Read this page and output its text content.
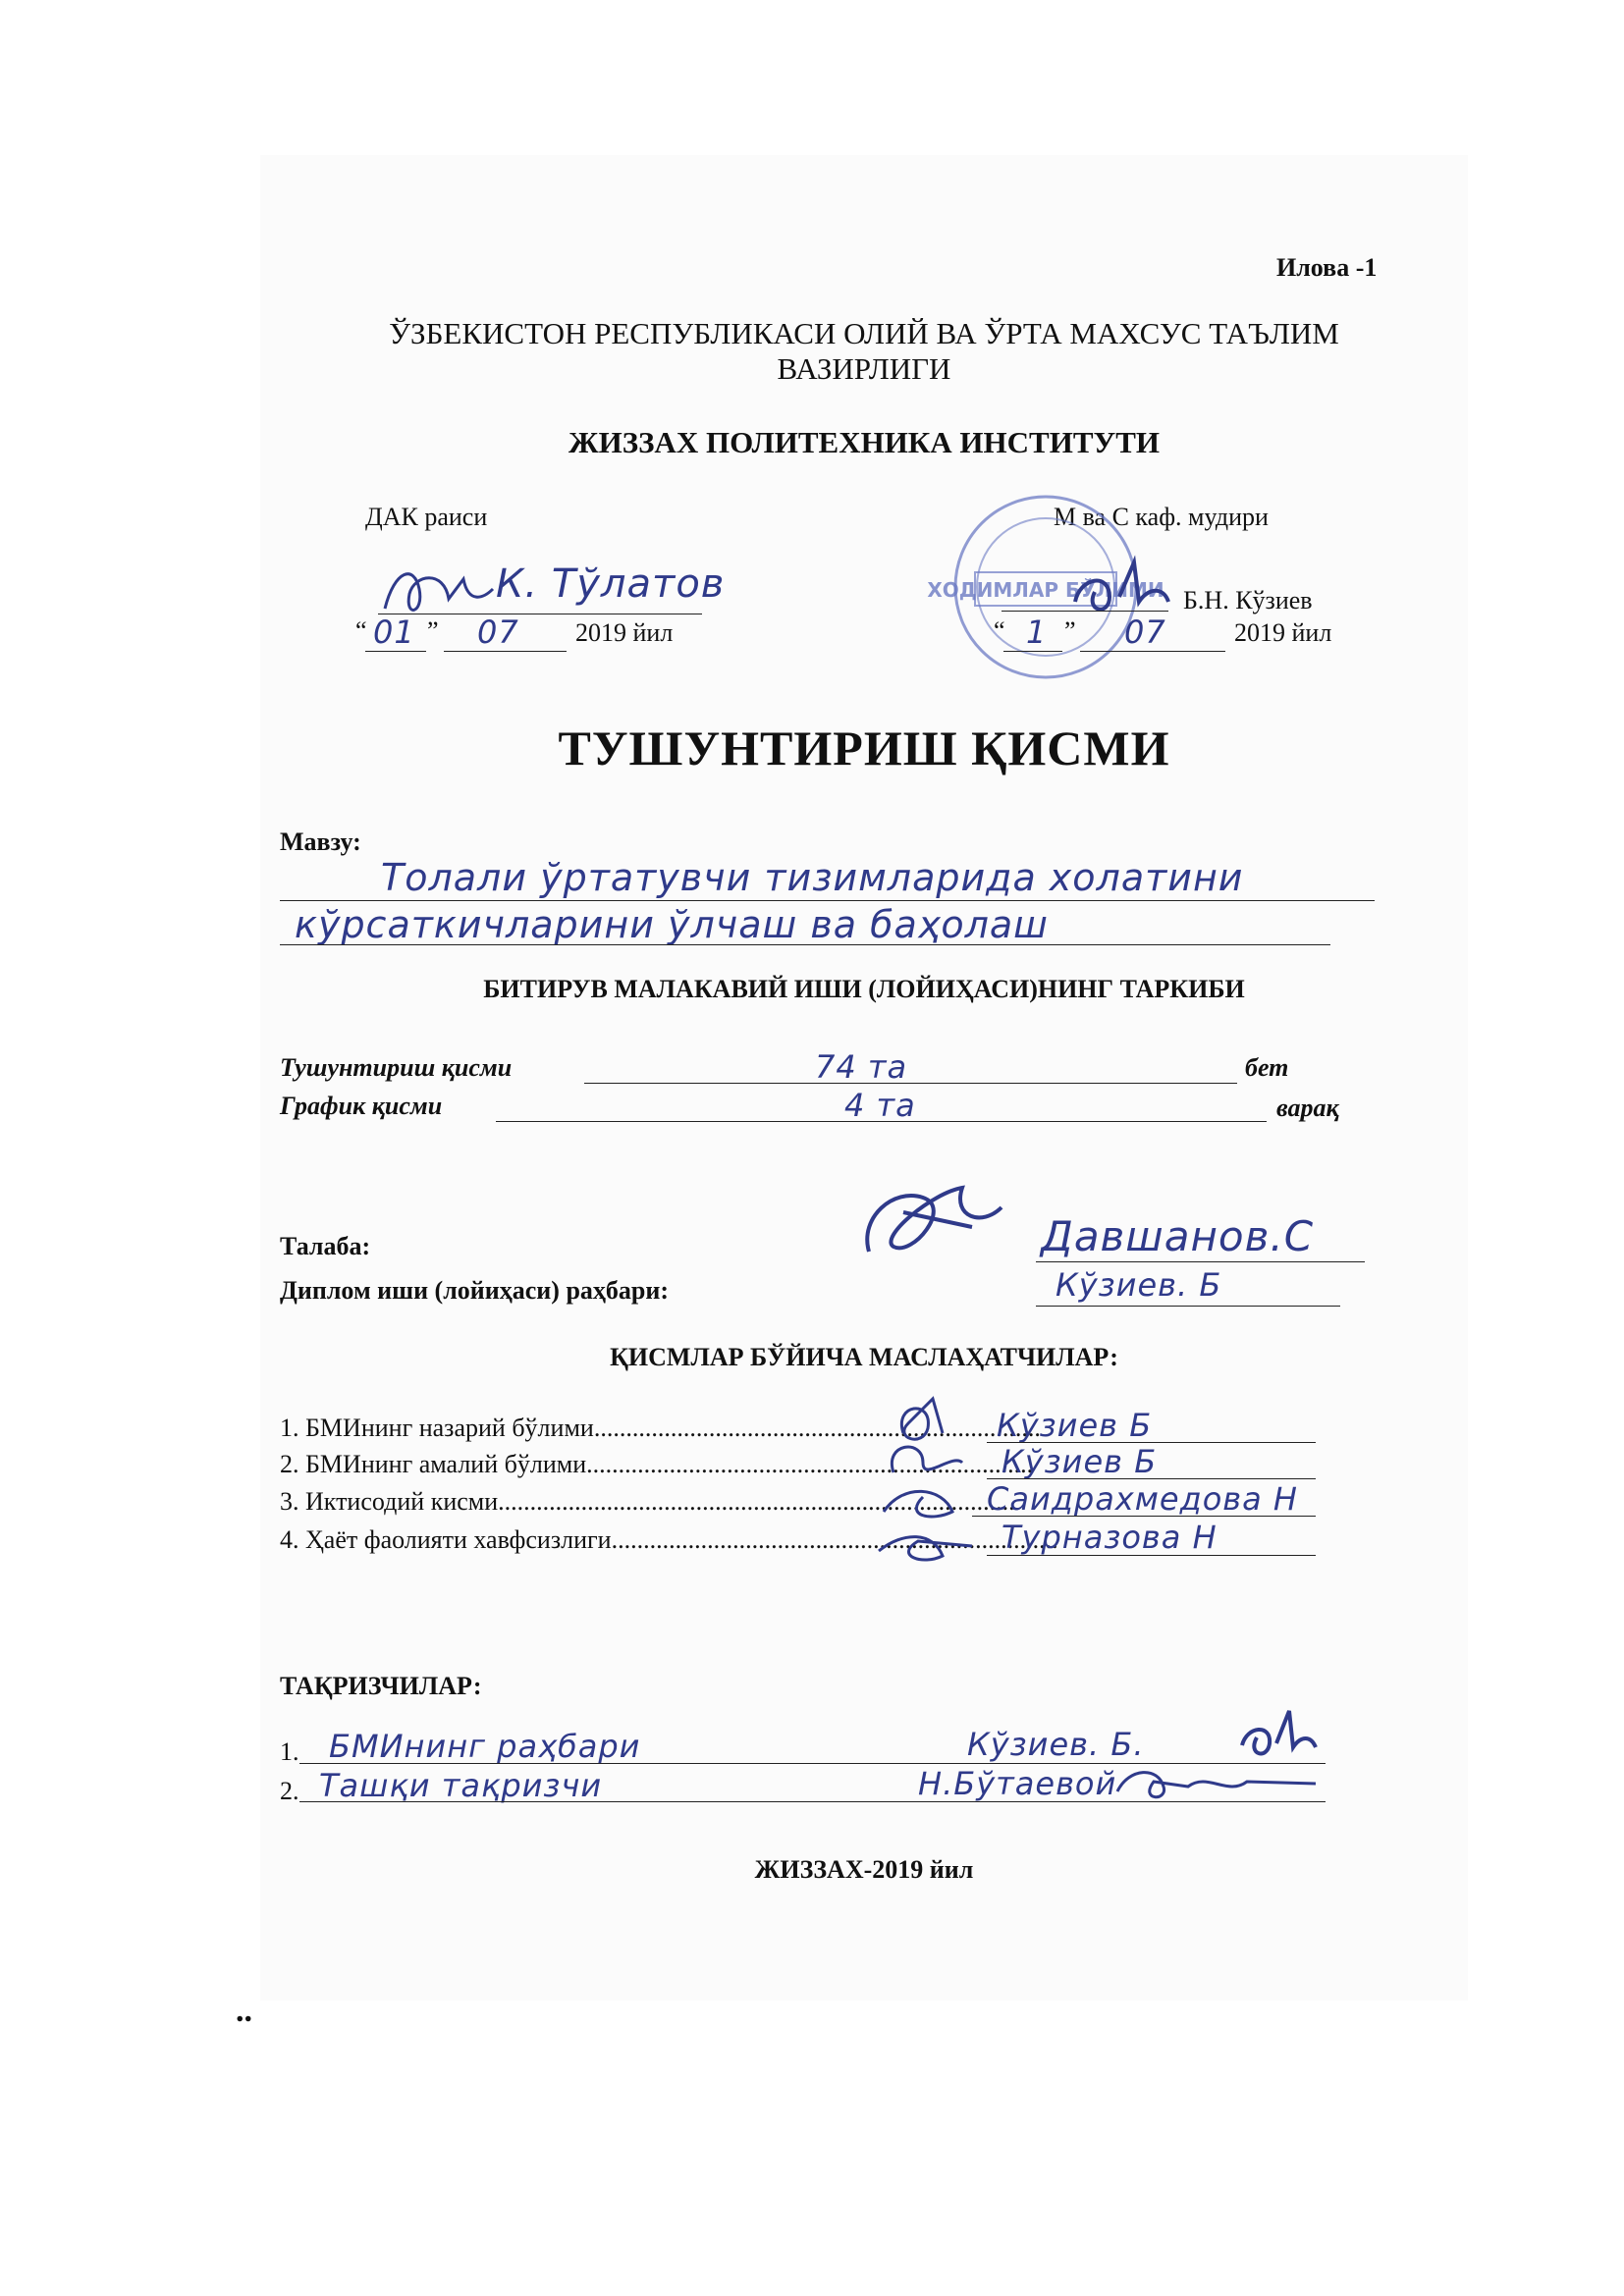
Илова -1
ЎЗБЕКИСТОН РЕСПУБЛИКАСИ ОЛИЙ ВА ЎРТА МАХСУС ТАЪЛИМ
ВАЗИРЛИГИ
ЖИЗЗАХ ПОЛИТЕХНИКА ИНСТИТУТИ
ДАК раиси	М ва С каф. мудири
К. Тўлатов
“ 01 ” 07 2019 йил
ХОДИМЛАР БЎЛИМИ Б.Н. Кўзиев
“ 1 ” 07	2019 йил
ТУШУНТИРИШ ҚИСМИ
Мавзу:
Толали ўртатувчи тизимларида холатини
кўрсаткичларини ўлчаш ва баҳолаш
БИТИРУВ МАЛАКАВИЙ ИШИ (ЛОЙИҲАСИ)НИНГ ТАРКИБИ
Тушунтириш қисми	74 та	бет
График қисми	4 та	варақ
Талаба:	Давшанов.С
Диплом иши (лойиҳаси) раҳбари:	Кўзиев. Б
ҚИСМЛАР БЎЙИЧА МАСЛАҲАТЧИЛАР:
1. БМИнинг назарий бўлими......................................................................
Кўзиев Б
2. БМИнинг амалий бўлими......................................................................
Кўзиев Б
3. Иктисодий кисми.................................................................................
Саидрахмедова Н
4. Ҳаёт фаолияти хавфсизлиги......................................................................
Турназова Н
ТАҚРИЗЧИЛАР:
1. БМИнинг раҳбари	Кўзиев. Б.
2. Ташқи тақризчи	Н.Бўтаевой
ЖИЗЗАХ-2019 йил
..
